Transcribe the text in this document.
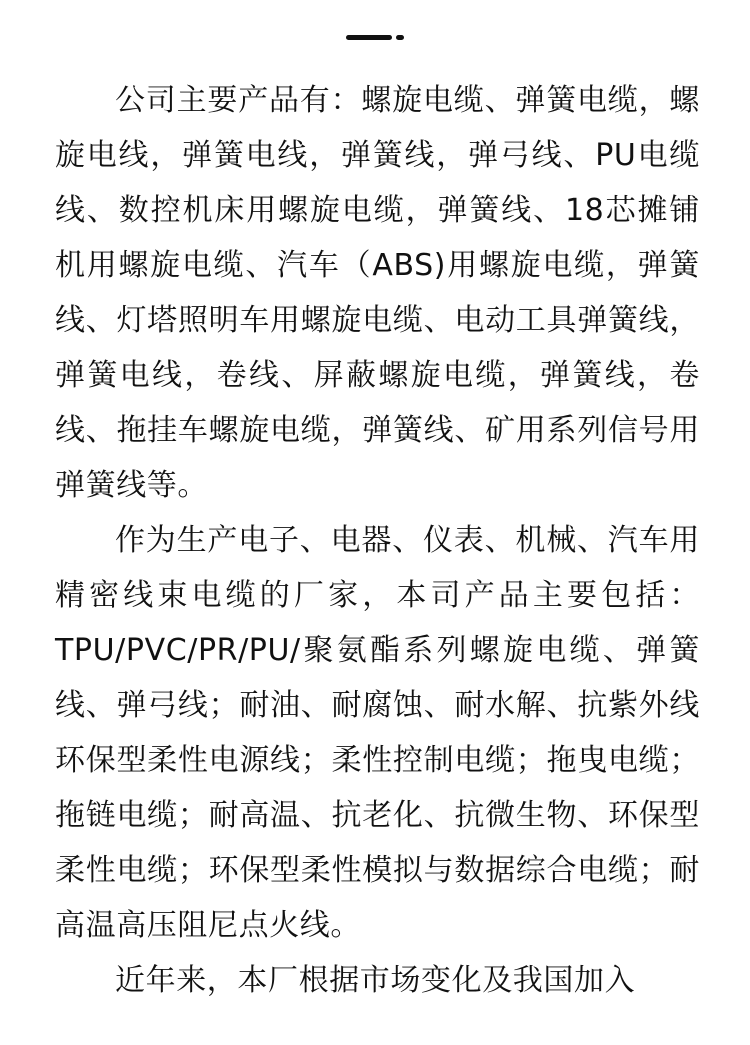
公司主要产品有：螺旋电缆、弹簧电缆，螺旋电线，弹簧电线，弹簧线，弹弓线、PU电缆线、数控机床用螺旋电缆，弹簧线、18芯摊铺机用螺旋电缆、汽车（ABS)用螺旋电缆，弹簧线、灯塔照明车用螺旋电缆、电动工具弹簧线，弹簧电线，卷线、屏蔽螺旋电缆，弹簧线，卷线、拖挂车螺旋电缆，弹簧线、矿用系列信号用弹簧线等。

作为生产电子、电器、仪表、机械、汽车用精密线束电缆的厂家，本司产品主要包括：TPU/PVC/PR/PU/聚氨酯系列螺旋电缆、弹簧线、弹弓线；耐油、耐腐蚀、耐水解、抗紫外线环保型柔性电源线；柔性控制电缆；拖曳电缆；拖链电缆；耐高温、抗老化、抗微生物、环保型柔性电缆；环保型柔性模拟与数据综合电缆；耐高温高压阻尼点火线。

近年来，本厂根据市场变化及我国加入
